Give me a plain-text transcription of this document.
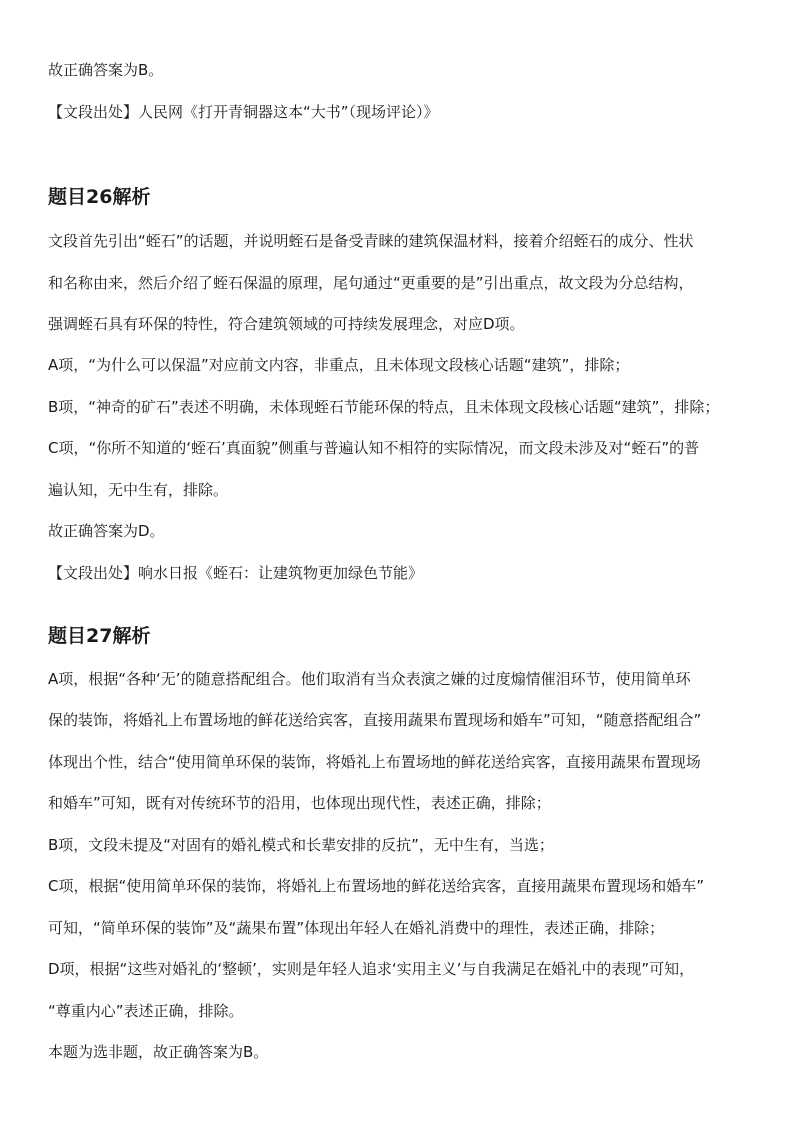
故正确答案为B。
【文段出处】人民网《打开青铜器这本“大书”（现场评论）》
题目26解析
文段首先引出“蛭石”的话题，并说明蛭石是备受青睐的建筑保温材料，接着介绍蛭石的成分、性状
和名称由来，然后介绍了蛭石保温的原理，尾句通过“更重要的是”引出重点，故文段为分总结构，
强调蛭石具有环保的特性，符合建筑领域的可持续发展理念，对应D项。
A项，“为什么可以保温”对应前文内容，非重点，且未体现文段核心话题“建筑”，排除；
B项，“神奇的矿石”表述不明确，未体现蛭石节能环保的特点，且未体现文段核心话题“建筑”，排除；
C项，“你所不知道的‘蛭石’真面貌”侧重与普遍认知不相符的实际情况，而文段未涉及对“蛭石”的普
遍认知，无中生有，排除。
故正确答案为D。
【文段出处】响水日报《蛭石：让建筑物更加绿色节能》
题目27解析
A项，根据“各种‘无’的随意搭配组合。他们取消有当众表演之嫌的过度煽情催泪环节，使用简单环
保的装饰，将婚礼上布置场地的鲜花送给宾客，直接用蔬果布置现场和婚车”可知，“随意搭配组合”
体现出个性，结合“使用简单环保的装饰，将婚礼上布置场地的鲜花送给宾客，直接用蔬果布置现场
和婚车”可知，既有对传统环节的沿用，也体现出现代性，表述正确，排除；
B项，文段未提及“对固有的婚礼模式和长辈安排的反抗”，无中生有，当选；
C项，根据“使用简单环保的装饰，将婚礼上布置场地的鲜花送给宾客，直接用蔬果布置现场和婚车”
可知，“简单环保的装饰”及“蔬果布置”体现出年轻人在婚礼消费中的理性，表述正确，排除；
D项，根据“这些对婚礼的‘整顿’，实则是年轻人追求‘实用主义’与自我满足在婚礼中的表现”可知，
“尊重内心”表述正确，排除。
本题为选非题，故正确答案为B。
